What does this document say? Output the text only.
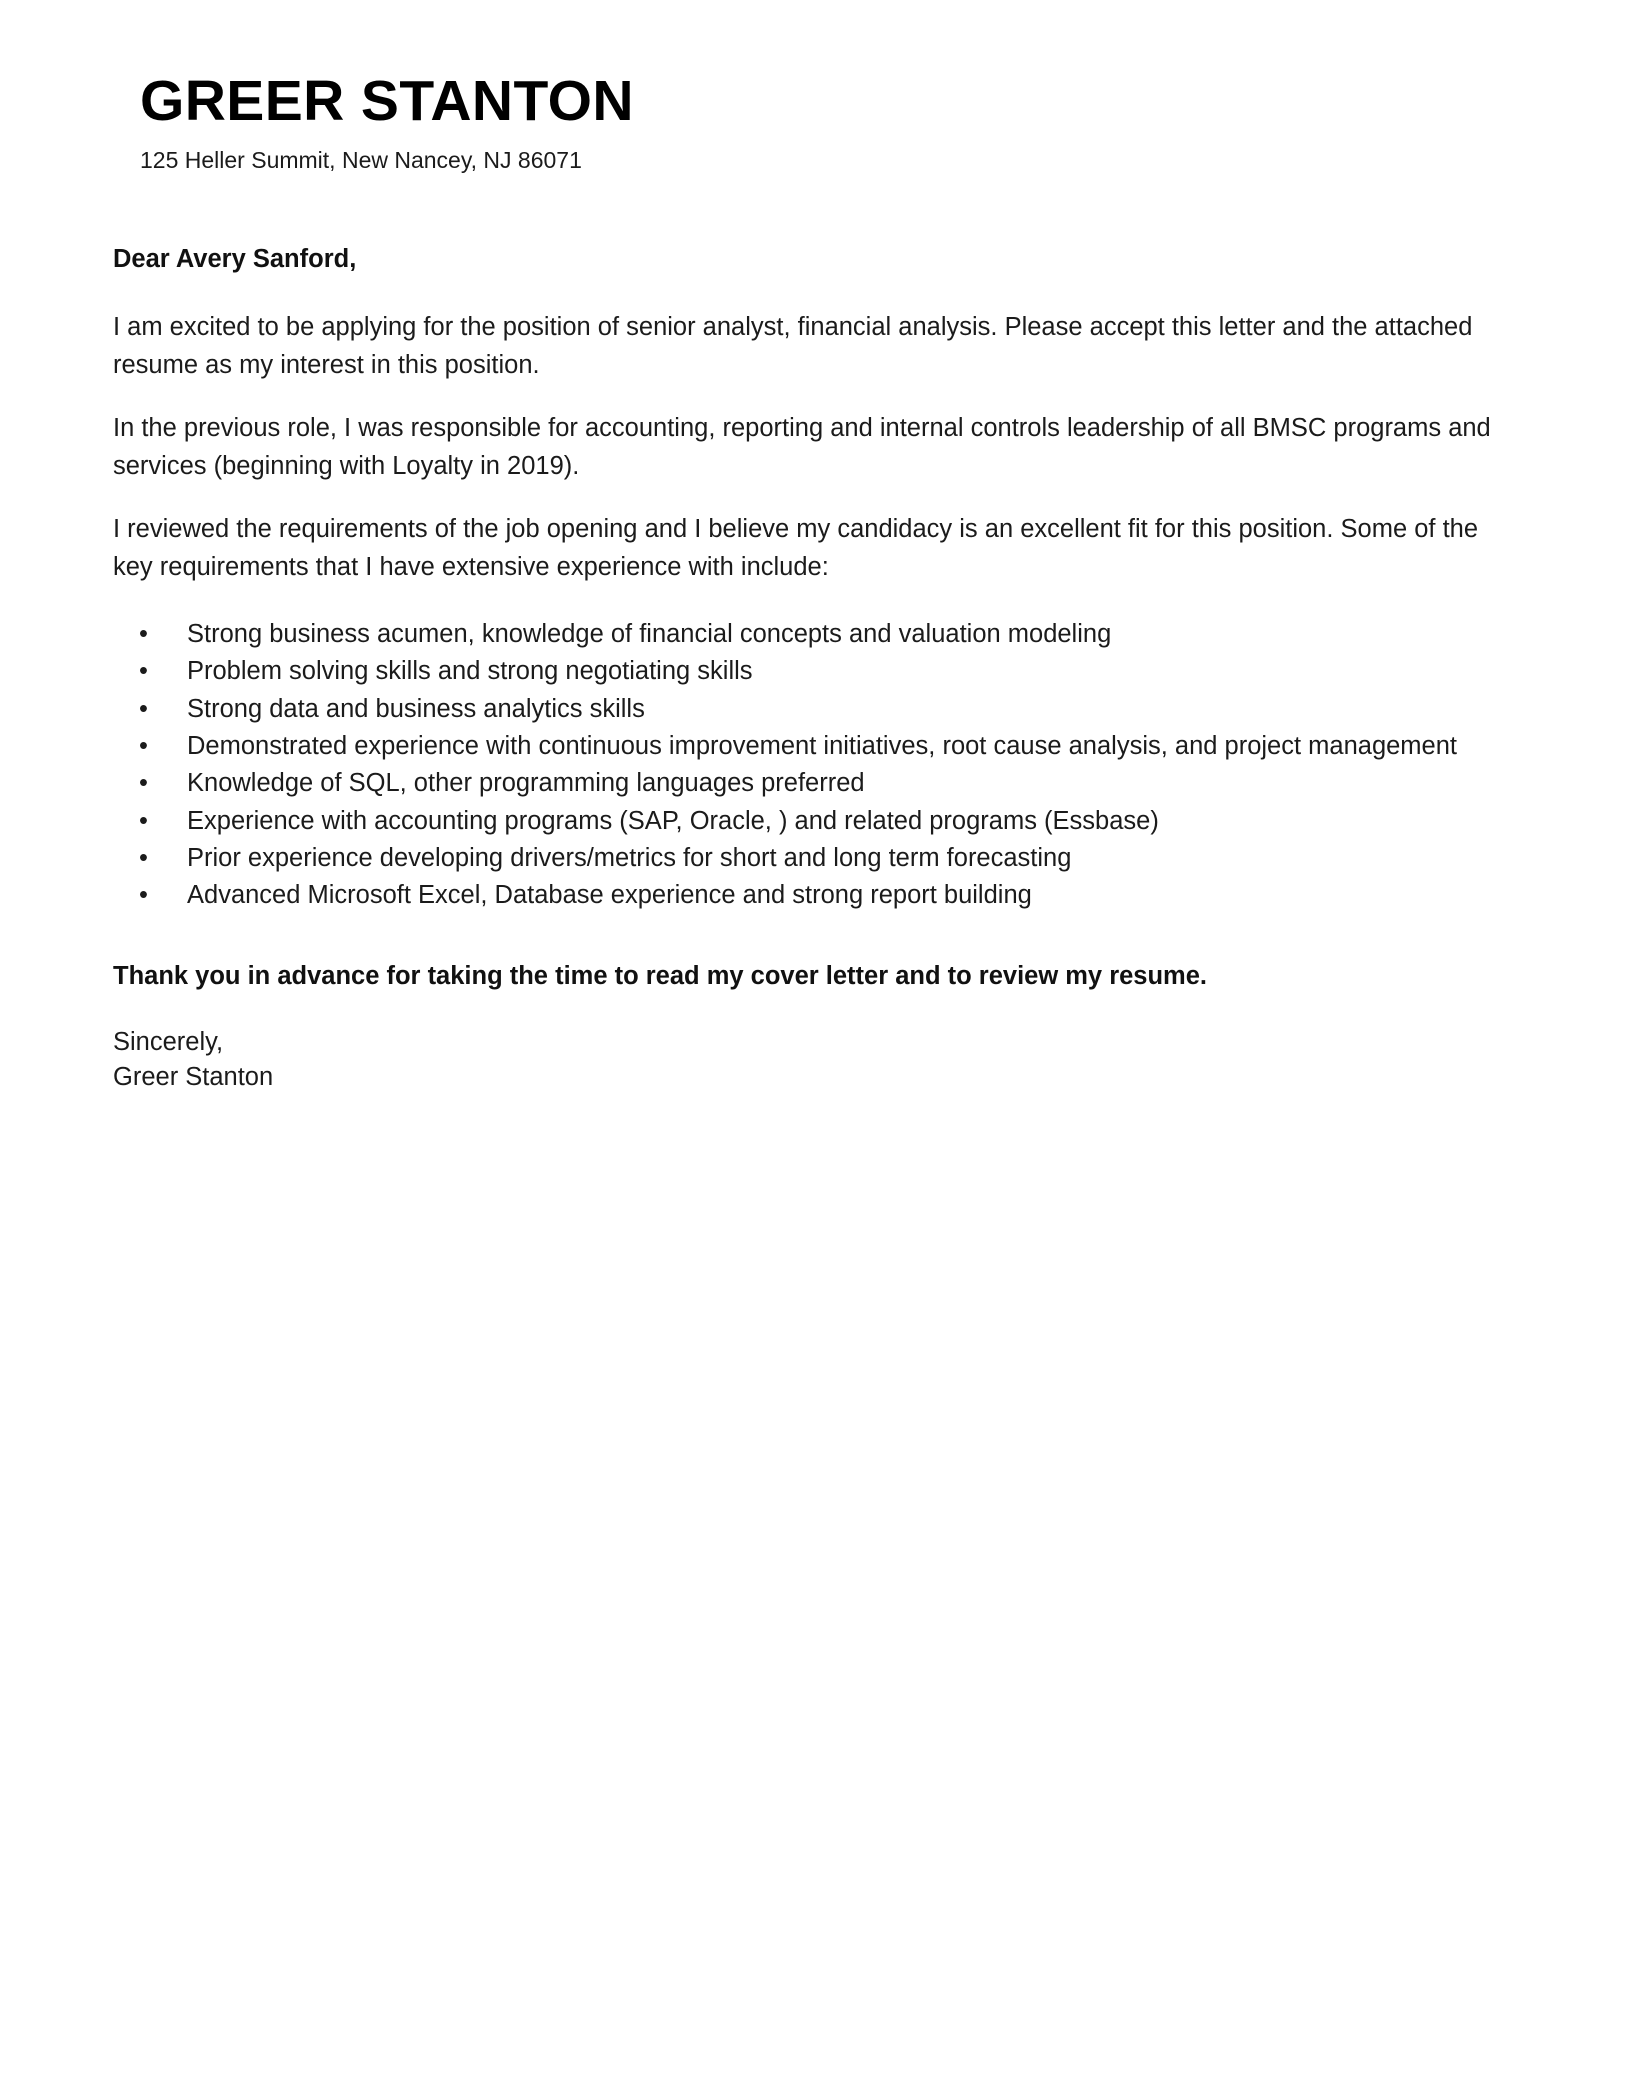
GREER STANTON

125 Heller Summit, New Nancey, NJ 86071

Dear Avery Sanford,

I am excited to be applying for the position of senior analyst, financial analysis. Please accept this letter and the attached resume as my interest in this position.

In the previous role, I was responsible for accounting, reporting and internal controls leadership of all BMSC programs and services (beginning with Loyalty in 2019).

I reviewed the requirements of the job opening and I believe my candidacy is an excellent fit for this position. Some of the key requirements that I have extensive experience with include:

• Strong business acumen, knowledge of financial concepts and valuation modeling
• Problem solving skills and strong negotiating skills
• Strong data and business analytics skills
• Demonstrated experience with continuous improvement initiatives, root cause analysis, and project management
• Knowledge of SQL, other programming languages preferred
• Experience with accounting programs (SAP, Oracle, ) and related programs (Essbase)
• Prior experience developing drivers/metrics for short and long term forecasting
• Advanced Microsoft Excel, Database experience and strong report building

Thank you in advance for taking the time to read my cover letter and to review my resume.

Sincerely,
Greer Stanton
